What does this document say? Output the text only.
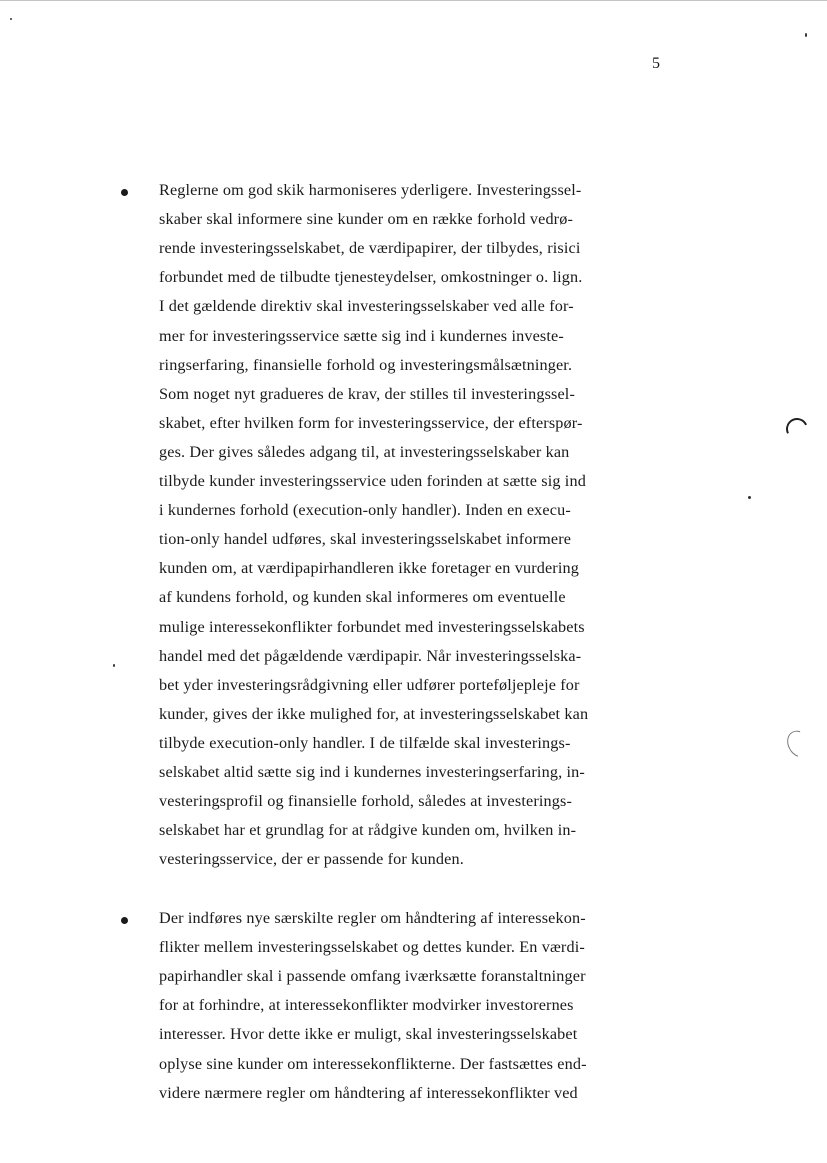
5
Reglerne om god skik harmoniseres yderligere. Investeringssel-
skaber skal informere sine kunder om en række forhold vedrø-
rende investeringsselskabet, de værdipapirer, der tilbydes, risici
forbundet med de tilbudte tjenesteydelser, omkostninger o. lign.
I det gældende direktiv skal investeringsselskaber ved alle for-
mer for investeringsservice sætte sig ind i kundernes investe-
ringserfaring, finansielle forhold og investeringsmålsætninger.
Som noget nyt gradueres de krav, der stilles til investeringssel-
skabet, efter hvilken form for investeringsservice, der efterspør-
ges. Der gives således adgang til, at investeringsselskaber kan
tilbyde kunder investeringsservice uden forinden at sætte sig ind
i kundernes forhold (execution-only handler). Inden en execu-
tion-only handel udføres, skal investeringsselskabet informere
kunden om, at værdipapirhandleren ikke foretager en vurdering
af kundens forhold, og kunden skal informeres om eventuelle
mulige interessekonflikter forbundet med investeringsselskabets
handel med det pågældende værdipapir. Når investeringsselska-
bet yder investeringsrådgivning eller udfører porteføljepleje for
kunder, gives der ikke mulighed for, at investeringsselskabet kan
tilbyde execution-only handler. I de tilfælde skal investerings-
selskabet altid sætte sig ind i kundernes investeringserfaring, in-
vesteringsprofil og finansielle forhold, således at investerings-
selskabet har et grundlag for at rådgive kunden om, hvilken in-
vesteringsservice, der er passende for kunden.
Der indføres nye særskilte regler om håndtering af interessekon-
flikter mellem investeringsselskabet og dettes kunder. En værdi-
papirhandler skal i passende omfang iværksætte foranstaltninger
for at forhindre, at interessekonflikter modvirker investorernes
interesser. Hvor dette ikke er muligt, skal investeringsselskabet
oplyse sine kunder om interessekonflikterne. Der fastsættes end-
videre nærmere regler om håndtering af interessekonflikter ved
